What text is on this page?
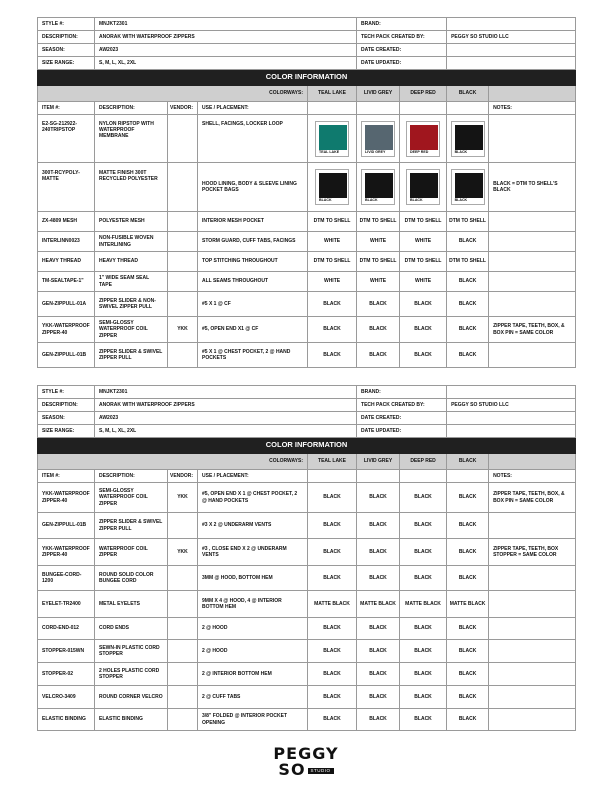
STYLE #:	MNJKT2301				BRAND:			
DESCRIPTION:	ANORAK WITH WATERPROOF ZIPPERS				TECH PACK CREATED BY:		PEGGY SO STUDIO LLC	
SEASON:	AW2023				DATE CREATED:			
SIZE RANGE:	S, M, L, XL, 2XL				DATE UPDATED:			
COLOR INFORMATION								
COLORWAYS:				TEAL LAKE	LIVID GREY	DEEP RED	BLACK	
ITEM #:	DESCRIPTION:	VENDOR:	USE / PLACEMENT:					NOTES:
E2-SG-212922-240TRIPSTOP	NYLON RIPSTOP WITH WATERPROOF MEMBRANE		SHELL, FACINGS, LOCKER LOOP	TEAL LAKE	LIVID GREY	DEEP RED	BLACK	

300T-RCYPOLY-MATTE	MATTE FINISH 300T RECYCLED POLYESTER		HOOD LINING, BODY & SLEEVE LINING POCKET BAGS	BLACK	BLACK	BLACK	BLACK	BLACK = DTM TO SHELL'S BLACK
ZX-4809 MESH	POLYESTER MESH		INTERIOR MESH POCKET	DTM TO SHELL	DTM TO SHELL	DTM TO SHELL	DTM TO SHELL	
INTERLINN0023	NON-FUSIBLE WOVEN INTERLINING		STORM GUARD, CUFF TABS, FACINGS	WHITE	WHITE	WHITE	BLACK	
HEAVY THREAD	HEAVY THREAD		TOP STITCHING THROUGHOUT	DTM TO SHELL	DTM TO SHELL	DTM TO SHELL	DTM TO SHELL	
TM-SEALTAPE-1"	1" WIDE SEAM SEAL TAPE		ALL SEAMS THROUGHOUT	WHITE	WHITE	WHITE	BLACK	
GEN-ZIPPULL-01A	ZIPPER SLIDER & NON-SWIVEL ZIPPER PULL		#5 X 1 @ CF	BLACK	BLACK	BLACK	BLACK	
YKK-WATERPROOF ZIPPER-40	SEMI-GLOSSY WATERPROOF COIL ZIPPER	YKK	#5, OPEN END X1 @ CF	BLACK	BLACK	BLACK	BLACK	ZIPPER TAPE, TEETH, BOX, & BOX PIN = SAME COLOR
GEN-ZIPPULL-01B	ZIPPER SLIDER & SWIVEL ZIPPER PULL		#5 X 1 @ CHEST POCKET, 2 @ HAND POCKETS	BLACK	BLACK	BLACK	BLACK	
STYLE #:	MNJKT2301				BRAND:			
DESCRIPTION:	ANORAK WITH WATERPROOF ZIPPERS				TECH PACK CREATED BY:		PEGGY SO STUDIO LLC	
SEASON:	AW2023				DATE CREATED:			
SIZE RANGE:	S, M, L, XL, 2XL				DATE UPDATED:			
COLOR INFORMATION								
COLORWAYS:				TEAL LAKE	LIVID GREY	DEEP RED	BLACK	
ITEM #:	DESCRIPTION:	VENDOR:	USE / PLACEMENT:					NOTES:
YKK-WATERPROOF ZIPPER-40	SEMI-GLOSSY WATERPROOF COIL ZIPPER	YKK	#5, OPEN END X 1 @ CHEST POCKET, 2 @ HAND POCKETS	BLACK	BLACK	BLACK	BLACK	ZIPPER TAPE, TEETH, BOX, & BOX PIN = SAME COLOR
GEN-ZIPPULL-01B	ZIPPER SLIDER & SWIVEL ZIPPER PULL		#3 X 2 @ UNDERARM VENTS	BLACK	BLACK	BLACK	BLACK	
YKK-WATERPROOF ZIPPER-40	WATERPROOF COIL ZIPPER	YKK	#3 , CLOSE END X 2 @ UNDERARM VENTS	BLACK	BLACK	BLACK	BLACK	ZIPPER TAPE, TEETH, BOX STOPPER = SAME COLOR
BUNGEE-CORD-1200	ROUND SOLID COLOR BUNGEE CORD		3MM @ HOOD, BOTTOM HEM	BLACK	BLACK	BLACK	BLACK	
EYELET-TR2400	METAL EYELETS		9MM X 4 @ HOOD, 4 @ INTERIOR BOTTOM HEM	MATTE BLACK	MATTE BLACK	MATTE BLACK	MATTE BLACK	
CORD-END-012	CORD ENDS		2 @ HOOD	BLACK	BLACK	BLACK	BLACK	
STOPPER-015WN	SEWN-IN PLASTIC CORD STOPPER		2 @ HOOD	BLACK	BLACK	BLACK	BLACK	
STOPPER-02	2 HOLES PLASTIC CORD STOPPER		2 @ INTERIOR BOTTOM HEM	BLACK	BLACK	BLACK	BLACK	
VELCRO-3409	ROUND CORNER VELCRO		2 @ CUFF TABS	BLACK	BLACK	BLACK	BLACK	
ELASTIC BINDING	ELASTIC BINDING		3/8" FOLDED @ INTERIOR POCKET OPENING	BLACK	BLACK	BLACK	BLACK	
PEGGY
SO STUDIO
